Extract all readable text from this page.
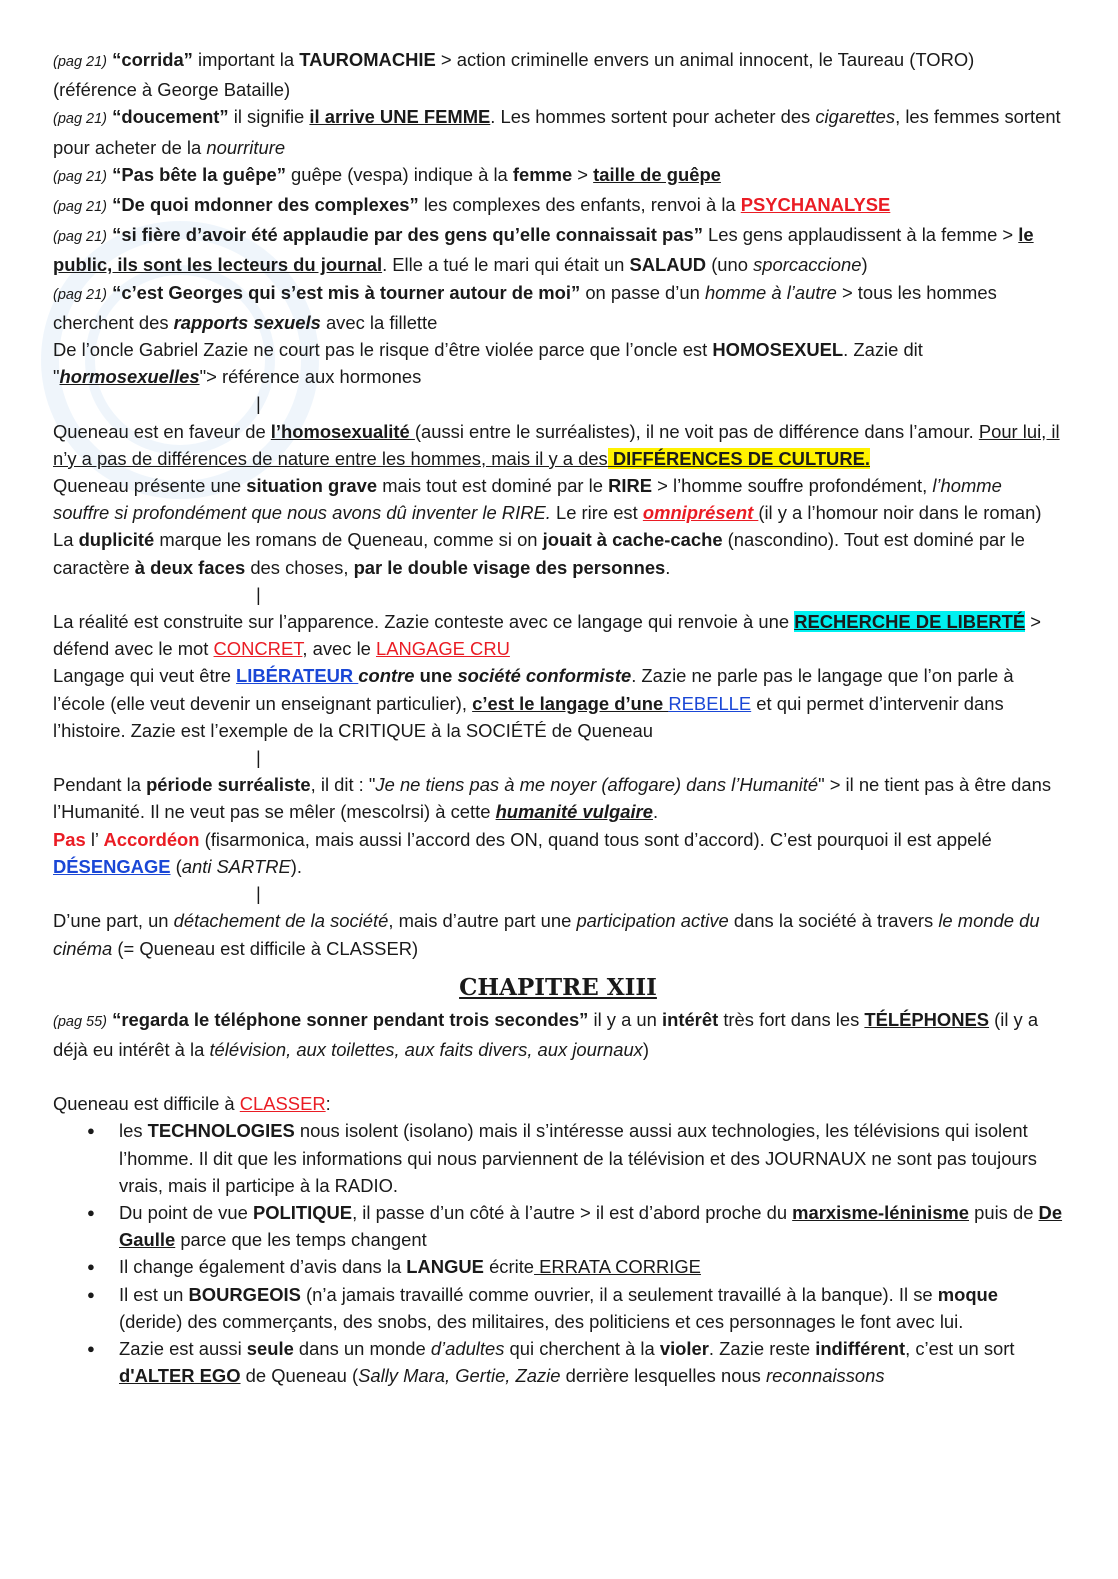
(pag 21) “corrida” important la TAUROMACHIE > action criminelle envers un animal innocent, le Taureau (TORO) (référence à George Bataille)

(pag 21) “doucement” il signifie il arrive UNE FEMME. Les hommes sortent pour acheter des cigarettes, les femmes sortent pour acheter de la nourriture

(pag 21) “Pas bête la guêpe” guêpe (vespa) indique à la femme > taille de guêpe

(pag 21) “De quoi mdonner des complexes” les complexes des enfants, renvoi à la PSYCHANALYSE

(pag 21) “si fière d’avoir été applaudie par des gens qu’elle connaissait pas” Les gens applaudissent à la femme > le public, ils sont les lecteurs du journal. Elle a tué le mari qui était un SALAUD (uno sporcaccione)

(pag 21) “c’est Georges qui s’est mis à tourner autour de moi” on passe d’un homme à l’autre > tous les hommes cherchent des rapports sexuels avec la fillette

De l’oncle Gabriel Zazie ne court pas le risque d’être violée parce que l’oncle est HOMOSEXUEL. Zazie dit "hormosexuelles"> référence aux hormones

|

Queneau est en faveur de l’homosexualité (aussi entre le surréalistes), il ne voit pas de différence dans l’amour. Pour lui, il n’y a pas de différences de nature entre les hommes, mais il y a des DIFFÉRENCES DE CULTURE.

Queneau présente une situation grave mais tout est dominé par le RIRE > l’homme souffre profondément, l’homme souffre si profondément que nous avons dû inventer le RIRE. Le rire est omniprésent (il y a l’homour noir dans le roman)

La duplicité marque les romans de Queneau, comme si on jouait à cache-cache (nascondino). Tout est dominé par le caractère à deux faces des choses, par le double visage des personnes.

|

La réalité est construite sur l’apparence. Zazie conteste avec ce langage qui renvoie à une RECHERCHE DE LIBERTÉ > défend avec le mot CONCRET, avec le LANGAGE CRU

Langage qui veut être LIBÉRATEUR contre une société conformiste. Zazie ne parle pas le langage que l’on parle à l’école (elle veut devenir un enseignant particulier), c’est le langage d’une REBELLE et qui permet d’intervenir dans l’histoire. Zazie est l’exemple de la CRITIQUE à la SOCIÉTÉ de Queneau

|

Pendant la période surréaliste, il dit : "Je ne tiens pas à me noyer (affogare) dans l’Humanité" > il ne tient pas à être dans l’Humanité. Il ne veut pas se mêler (mescolrsi) à cette humanité vulgaire.

Pas l’ Accordéon (fisarmonica, mais aussi l’accord des ON, quand tous sont d’accord). C’est pourquoi il est appelé DÉSENGAGE (anti SARTRE).

|

D’une part, un détachement de la société, mais d’autre part une participation active dans la société à travers le monde du cinéma (= Queneau est difficile à CLASSER)

CHAPITRE XIII

(pag 55) “regarda le téléphone sonner pendant trois secondes” il y a un intérêt très fort dans les TÉLÉPHONES (il y a déjà eu intérêt à la télévision, aux toilettes, aux faits divers, aux journaux)

Queneau est difficile à CLASSER:

● les TECHNOLOGIES nous isolent (isolano) mais il s’intéresse aussi aux technologies, les télévisions qui isolent l’homme. Il dit que les informations qui nous parviennent de la télévision et des JOURNAUX ne sont pas toujours vrais, mais il participe à la RADIO.
● Du point de vue POLITIQUE, il passe d’un côté à l’autre > il est d’abord proche du marxisme-léninisme puis de De Gaulle parce que les temps changent
● Il change également d’avis dans la LANGUE écrite ERRATA CORRIGE
● Il est un BOURGEOIS (n’a jamais travaillé comme ouvrier, il a seulement travaillé à la banque). Il se moque (deride) des commerçants, des snobs, des militaires, des politiciens et ces personnages le font avec lui.
● Zazie est aussi seule dans un monde d’adultes qui cherchent à la violer. Zazie reste indifférent, c’est un sort d'ALTER EGO de Queneau (Sally Mara, Gertie, Zazie derrière lesquelles nous reconnaissons
